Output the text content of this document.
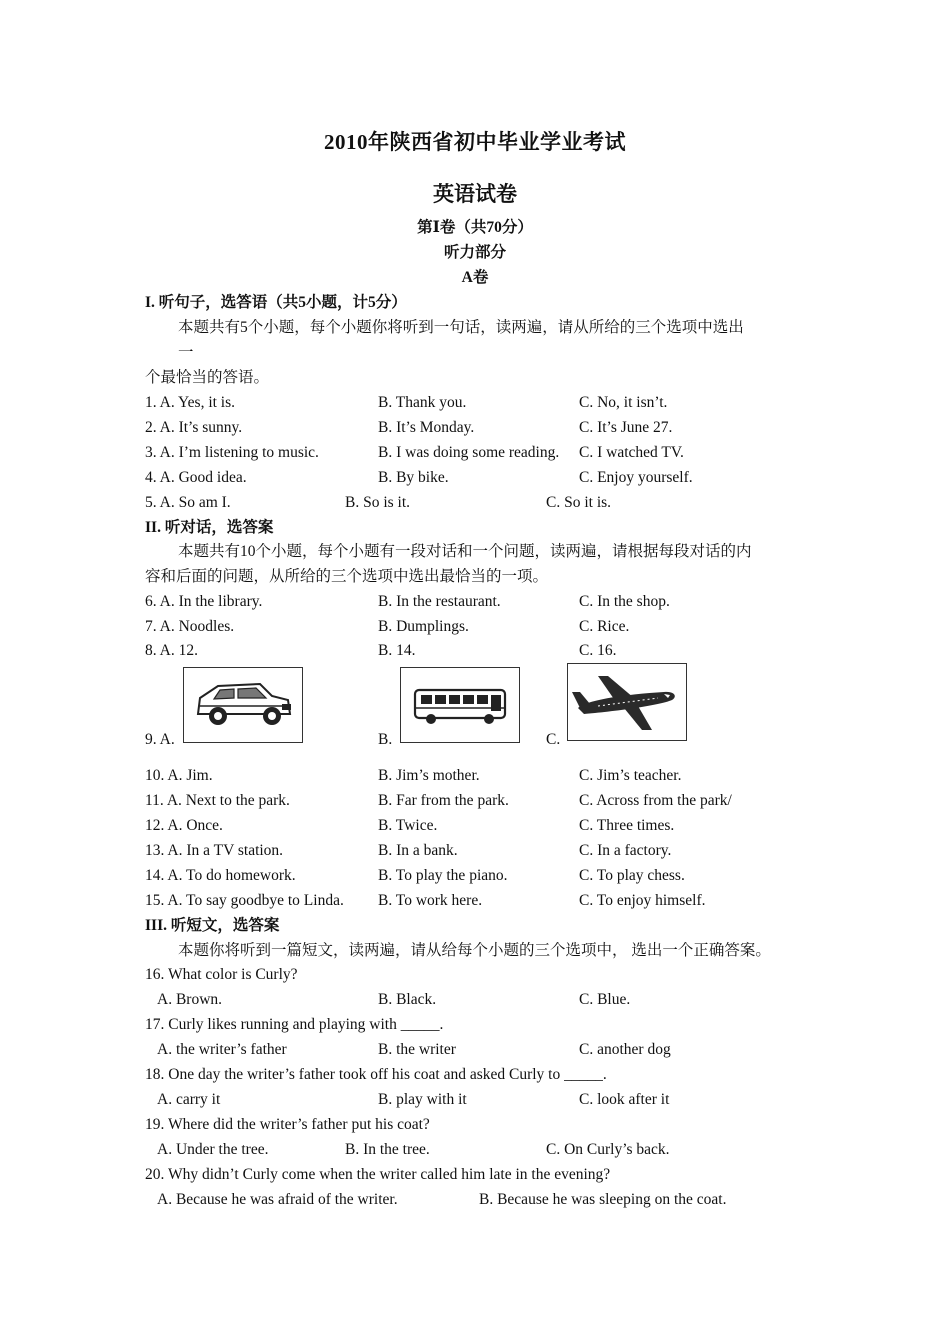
2010年陕西省初中毕业学业考试
英语试卷
第Ⅰ卷（共70分）
听力部分
A卷
I. 听句子，选答语（共5小题，计5分）
本题共有5个小题，每个小题你将听到一句话，读两遍，请从所给的三个选项中选出
一
个最恰当的答语。
1. A. Yes, it is.	B. Thank you.	C. No, it isn’t.
2. A. It’s sunny.	B. It’s Monday.	C. It’s June 27.
3. A. I’m listening to music.	B. I was doing some reading. C. I watched TV.
4. A. Good idea.	B. By bike.	C. Enjoy yourself.
5. A. So am I.	B. So is it.	C. So it is.
II. 听对话，选答案
本题共有10个小题，每个小题有一段对话和一个问题，读两遍，请根据每段对话的内
容和后面的问题，从所给的三个选项中选出最恰当的一项。
6. A. In the library.	B. In the restaurant.	C. In the shop.
7. A. Noodles.	B. Dumplings.	C. Rice.
8. A. 12.	B. 14.	C. 16.
9. A.	B.	C.
10. A. Jim.	B. Jim’s mother.	C. Jim’s teacher.
11. A. Next to the park.	B. Far from the park.	C. Across from the park/
12. A. Once.	B. Twice.	C. Three times.
13. A. In a TV station.	B. In a bank.	C. In a factory.
14. A. To do homework.	B. To play the piano.	C. To play chess.
15. A. To say goodbye to Linda. B. To work here.	C. To enjoy himself.
III. 听短文，选答案
本题你将听到一篇短文，读两遍，请从给每个小题的三个选项中， 选出一个正确答案。
16. What color is Curly?
A. Brown.	B. Black.	C. Blue.
17. Curly likes running and playing with _____.
A. the writer’s father	B. the writer	C. another dog
18. One day the writer’s father took off his coat and asked Curly to _____.
A. carry it	B. play with it	C. look after it
19. Where did the writer’s father put his coat?
A. Under the tree.	B. In the tree.	C. On Curly’s back.
20. Why didn’t Curly come when the writer called him late in the evening?
A. Because he was afraid of the writer.	B. Because he was sleeping on the coat.
